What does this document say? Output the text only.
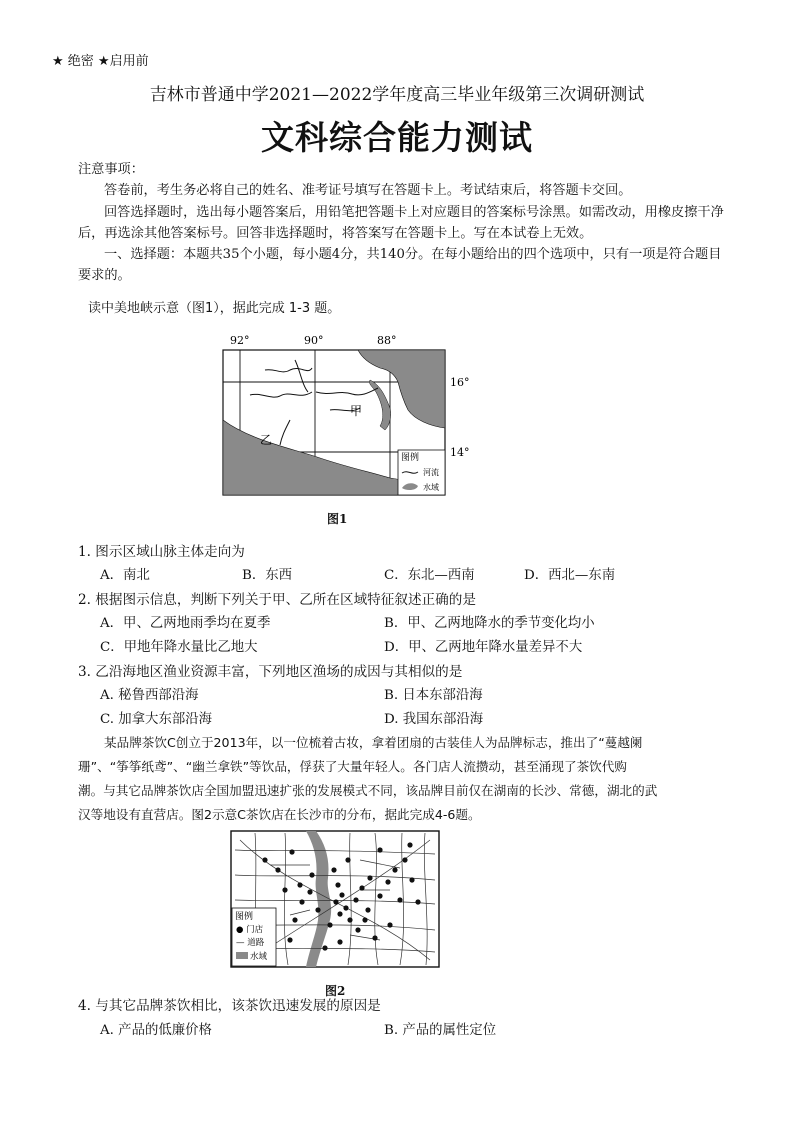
★ 绝密 ★启用前
吉林市普通中学2021—2022学年度高三毕业年级第三次调研测试
文科综合能力测试
注意事项：
答卷前，考生务必将自己的姓名、准考证号填写在答题卡上。考试结束后，将答题卡交回。
回答选择题时，选出每小题答案后，用铅笔把答题卡上对应题目的答案标号涂黑。如需改动，用橡皮擦干净后，再选涂其他答案标号。回答非选择题时，将答案写在答题卡上。写在本试卷上无效。
一、选择题：本题共35个小题，每小题4分，共140分。在每小题给出的四个选项中，只有一项是符合题目要求的。
读中美地峡示意（图1），据此完成 1-3 题。
92°	90°	88°
甲
乙
16°
14°
图例
河流
水域
图1
1. 图示区域山脉主体走向为
A．南北	B．东西	C．东北—西南	D．西北—东南
2. 根据图示信息，判断下列关于甲、乙所在区域特征叙述正确的是
A．甲、乙两地雨季均在夏季	B．甲、乙两地降水的季节变化均小
C．甲地年降水量比乙地大	D．甲、乙两地年降水量差异不大
3. 乙沿海地区渔业资源丰富，下列地区渔场的成因与其相似的是
A. 秘鲁西部沿海	B. 日本东部沿海
C. 加拿大东部沿海	D. 我国东部沿海
某品牌茶饮C创立于2013年，以一位梳着古妆，拿着团扇的古装佳人为品牌标志，推出了“蔓越阑
珊”、“筝筝纸鸢”、“幽兰拿铁”等饮品，俘获了大量年轻人。各门店人流攒动，甚至涌现了茶饮代购
潮。与其它品牌茶饮店全国加盟迅速扩张的发展模式不同，该品牌目前仅在湖南的长沙、常德，湖北的武
汉等地设有直营店。图2示意C茶饮店在长沙市的分布，据此完成4-6题。
图例
● 门店
— 道路
水域
图2
4. 与其它品牌茶饮相比，该茶饮迅速发展的原因是
A. 产品的低廉价格	B. 产品的属性定位
